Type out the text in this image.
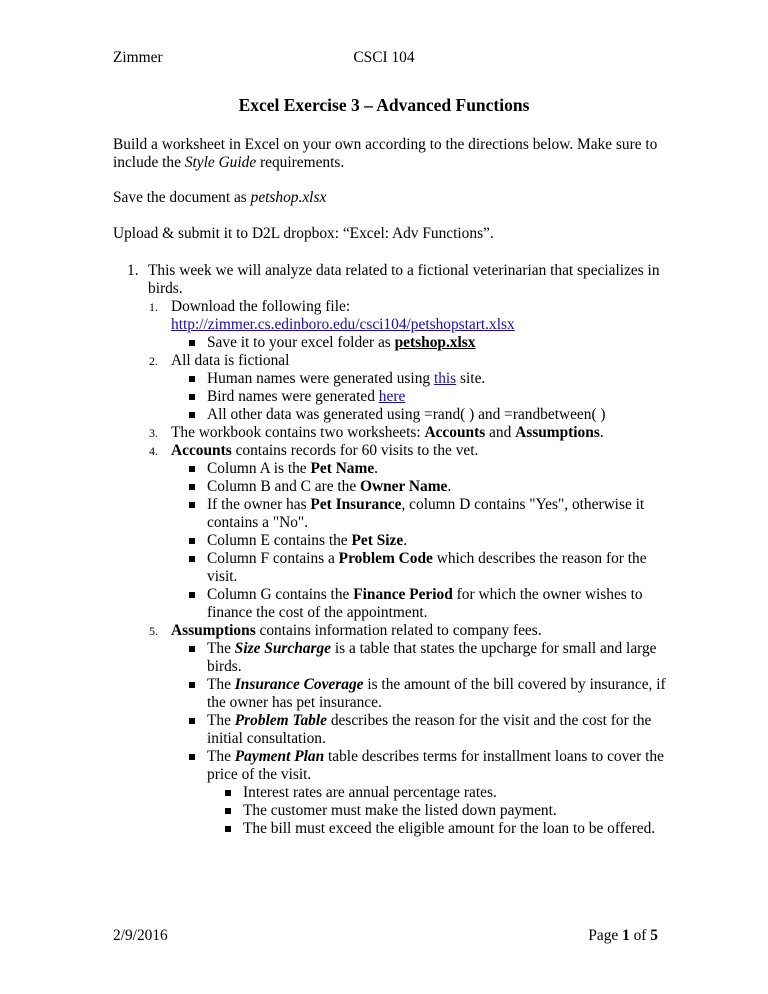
Zimmer	CSCI 104
Excel Exercise 3 – Advanced Functions

Build a worksheet in Excel on your own according to the directions below. Make sure to include the Style Guide requirements.

Save the document as petshop.xlsx

Upload & submit it to D2L dropbox: “Excel: Adv Functions”.

1. This week we will analyze data related to a fictional veterinarian that specializes in birds.
1. Download the following file:
http://zimmer.cs.edinboro.edu/csci104/petshopstart.xlsx
Save it to your excel folder as petshop.xlsx
2. All data is fictional
Human names were generated using this site.
Bird names were generated here
All other data was generated using =rand( ) and =randbetween( )
3. The workbook contains two worksheets: Accounts and Assumptions.
4. Accounts contains records for 60 visits to the vet.
Column A is the Pet Name.
Column B and C are the Owner Name.
If the owner has Pet Insurance, column D contains "Yes", otherwise it
contains a "No".
Column E contains the Pet Size.
Column F contains a Problem Code which describes the reason for the
visit.
Column G contains the Finance Period for which the owner wishes to
finance the cost of the appointment.
5. Assumptions contains information related to company fees.
The Size Surcharge is a table that states the upcharge for small and large
birds.
The Insurance Coverage is the amount of the bill covered by insurance, if
the owner has pet insurance.
The Problem Table describes the reason for the visit and the cost for the
initial consultation.
The Payment Plan table describes terms for installment loans to cover the
price of the visit.
Interest rates are annual percentage rates.
The customer must make the listed down payment.
The bill must exceed the eligible amount for the loan to be offered.
2/9/2016	Page 1 of 5
